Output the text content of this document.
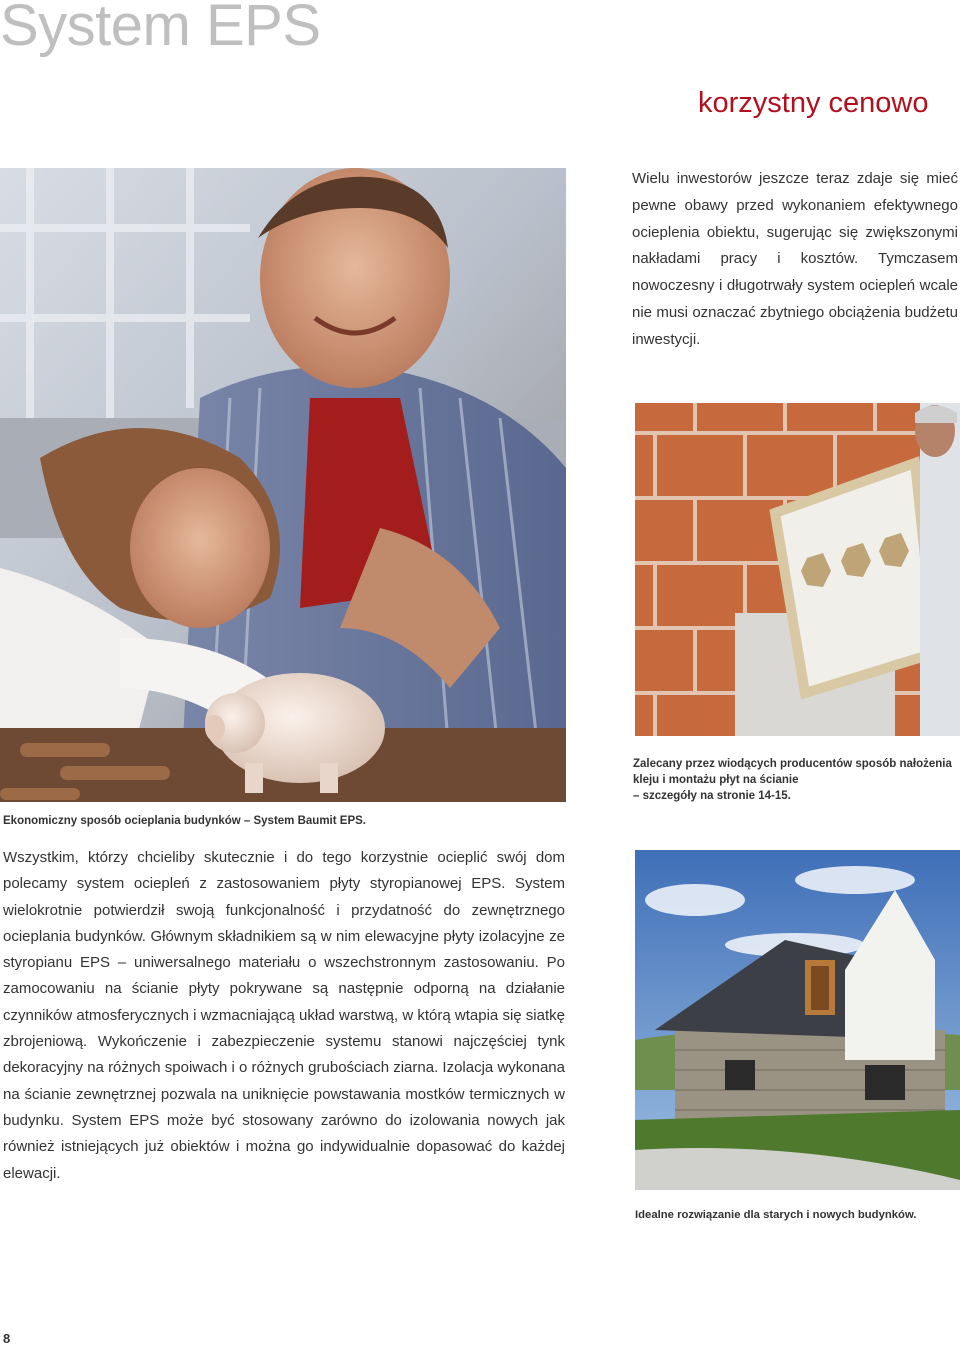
System EPS
korzystny cenowo
Wielu inwestorów jeszcze teraz zdaje się mieć pewne obawy przed wykonaniem efektywnego ocieplenia obiektu, sugerując się zwiększonymi nakładami pracy i kosztów. Tymczasem nowoczesny i długotrwały system ociepleń wcale nie musi oznaczać zbytniego obciążenia budżetu inwestycji.
Zalecany przez wiodących producentów sposób nałożenia kleju i montażu płyt na ścianie
– szczegóły na stronie 14-15.
Ekonomiczny sposób ocieplania budynków – System Baumit EPS.
Wszystkim, którzy chcieliby skutecznie i do tego korzystnie ocieplić swój dom polecamy system ociepleń z zastosowaniem płyty styropianowej EPS. System wielokrotnie potwierdził swoją funkcjonalność i przydatność do zewnętrznego ocieplania budynków. Głównym składnikiem są w nim elewacyjne płyty izolacyjne ze styropianu EPS – uniwersalnego materiału o wszechstronnym zastosowaniu. Po zamocowaniu na ścianie płyty pokrywane są następnie odporną na działanie czynników atmosferycznych i wzmacniającą układ warstwą, w którą wtapia się siatkę zbrojeniową. Wykończenie i zabezpieczenie systemu stanowi najczęściej tynk dekoracyjny na różnych spoiwach i o różnych grubościach ziarna. Izolacja wykonana na ścianie zewnętrznej pozwala na uniknięcie powstawania mostków termicznych w budynku. System EPS może być stosowany zarówno do izolowania nowych jak również istniejących już obiektów i można go indywidualnie dopasować do każdej elewacji.
Idealne rozwiązanie dla starych i nowych budynków.
8
